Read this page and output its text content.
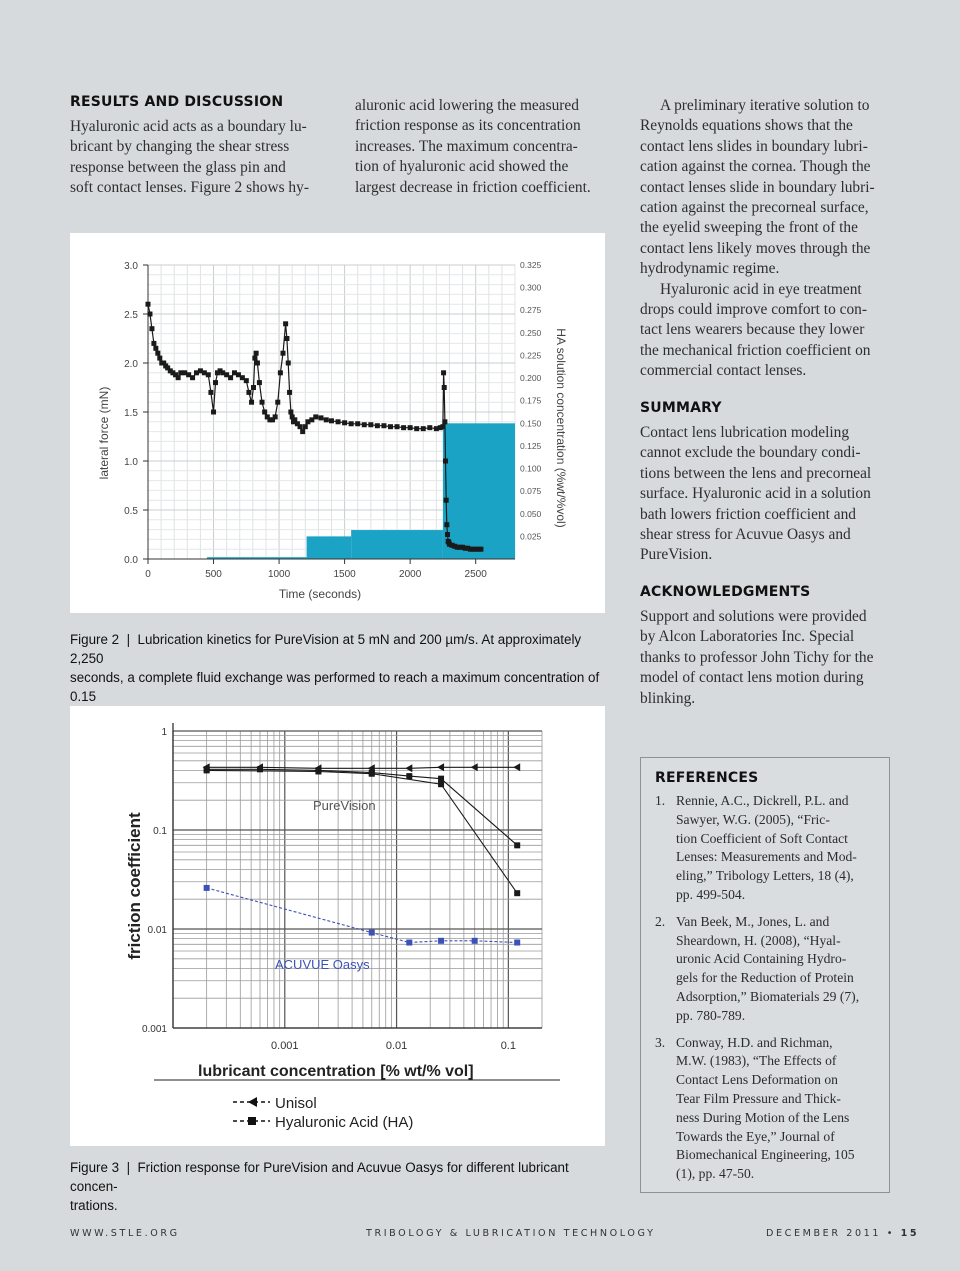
RESULTS AND DISCUSSION
Hyaluronic acid acts as a boundary lu-
bricant by changing the shear stress
response between the glass pin and
soft contact lenses. Figure 2 shows hy-
aluronic acid lowering the measured
friction response as its concentration
increases. The maximum concentra-
tion of hyaluronic acid showed the
largest decrease in friction coefficient.
A preliminary iterative solution to
Reynolds equations shows that the
contact lens slides in boundary lubri-
cation against the cornea. Though the
contact lenses slide in boundary lubri-
cation against the precorneal surface,
the eyelid sweeping the front of the
contact lens likely moves through the
hydrodynamic regime.
Hyaluronic acid in eye treatment
drops could improve comfort to con-
tact lens wearers because they lower
the mechanical friction coefficient on
commercial contact lenses.
SUMMARY
Contact lens lubrication modeling
cannot exclude the boundary condi-
tions between the lens and precorneal
surface. Hyaluronic acid in a solution
bath lowers friction coefficient and
shear stress for Acuvue Oasys and
PureVision.
ACKNOWLEDGMENTS
Support and solutions were provided
by Alcon Laboratories Inc. Special
thanks to professor John Tichy for the
model of contact lens motion during
blinking.
REFERENCES
1. Rennie, A.C., Dickrell, P.L. and
Sawyer, W.G. (2005), “Fric-
tion Coefficient of Soft Contact
Lenses: Measurements and Mod-
eling,” Tribology Letters, 18 (4),
pp. 499-504.
2. Van Beek, M., Jones, L. and
Sheardown, H. (2008), “Hyal-
uronic Acid Containing Hydro-
gels for the Reduction of Protein
Adsorption,” Biomaterials 29 (7),
pp. 780-789.
3. Conway, H.D. and Richman,
M.W. (1983), “The Effects of
Contact Lens Deformation on
Tear Film Pressure and Thick-
ness During Motion of the Lens
Towards the Eye,” Journal of
Biomechanical Engineering, 105
(1), pp. 47-50.
0	500	1000	1500	2000	2500
0.0
0.5
1.0
1.5
2.0
2.5
3.0
0.025
0.050
0.075
0.100
0.125
0.150
0.175
0.200
0.225
0.250
0.275
0.300
0.325
lateral force (mN)	HA solution concentration (%wt/%vol)
Time (seconds)
Figure 2  |  Lubrication kinetics for PureVision at 5 mN and 200 µm/s. At approximately 2,250
seconds, a complete fluid exchange was performed to reach a maximum concentration of 0.15
0.001	0.01	0.1
1
0.1
0.01
0.001
PureVision
ACUVUE Oasys
friction coefficient
lubricant concentration [% wt/% vol]
Unisol
Hyaluronic Acid (HA)
Figure 3  |  Friction response for PureVision and Acuvue Oasys for different lubricant concen-
trations.

WWW.STLE.ORG	TRIBOLOGY & LUBRICATION TECHNOLOGY	DECEMBER 2011 • 15
